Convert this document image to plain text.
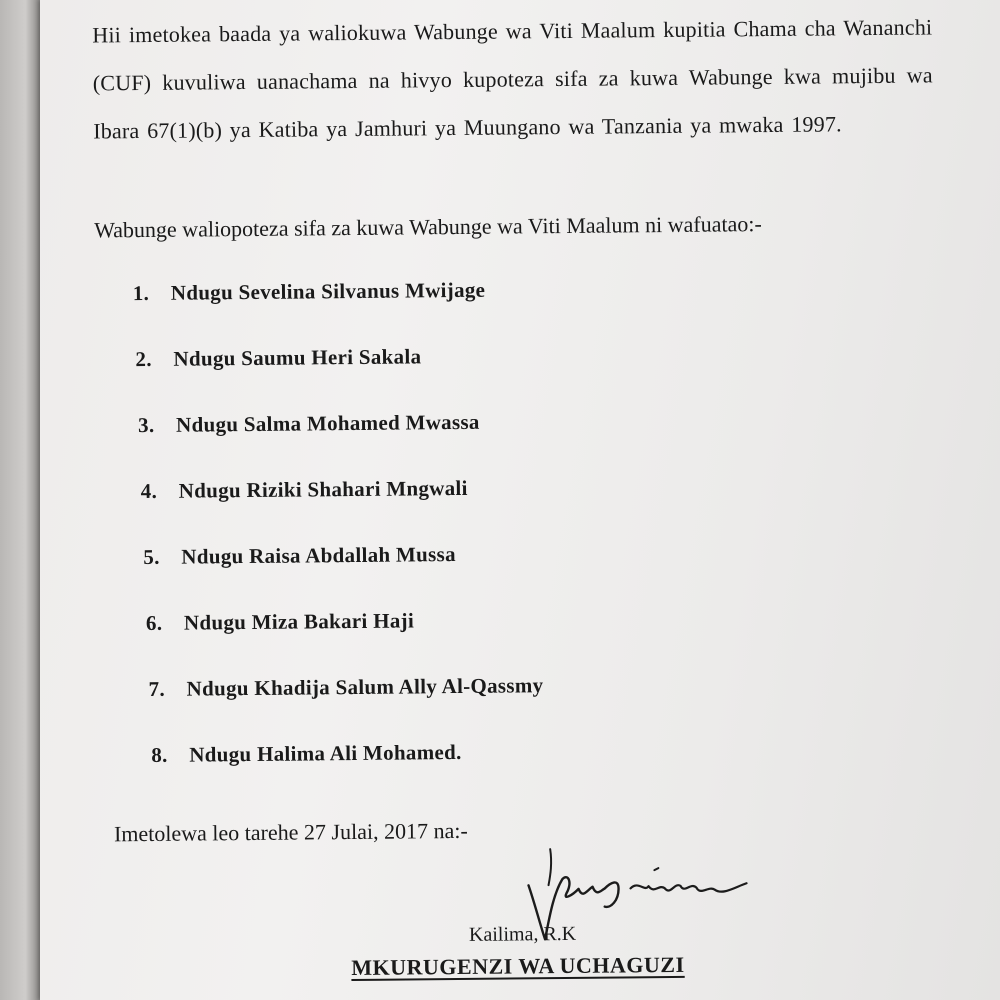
Hii imetokea baada ya waliokuwa Wabunge wa Viti Maalum kupitia Chama cha Wananchi (CUF) kuvuliwa uanachama na hivyo kupoteza sifa za kuwa Wabunge kwa mujibu wa Ibara 67(1)(b) ya Katiba ya Jamhuri ya Muungano wa Tanzania ya mwaka 1997.

Wabunge waliopoteza sifa za kuwa Wabunge wa Viti Maalum ni wafuatao:-

1. Ndugu Sevelina Silvanus Mwijage
2. Ndugu Saumu Heri Sakala
3. Ndugu Salma Mohamed Mwassa
4. Ndugu Riziki Shahari Mngwali
5. Ndugu Raisa Abdallah Mussa
6. Ndugu Miza Bakari Haji
7. Ndugu Khadija Salum Ally Al-Qassmy
8. Ndugu Halima Ali Mohamed.

Imetolewa leo tarehe 27 Julai, 2017 na:-

Kailima, R.K

MKURUGENZI WA UCHAGUZI
